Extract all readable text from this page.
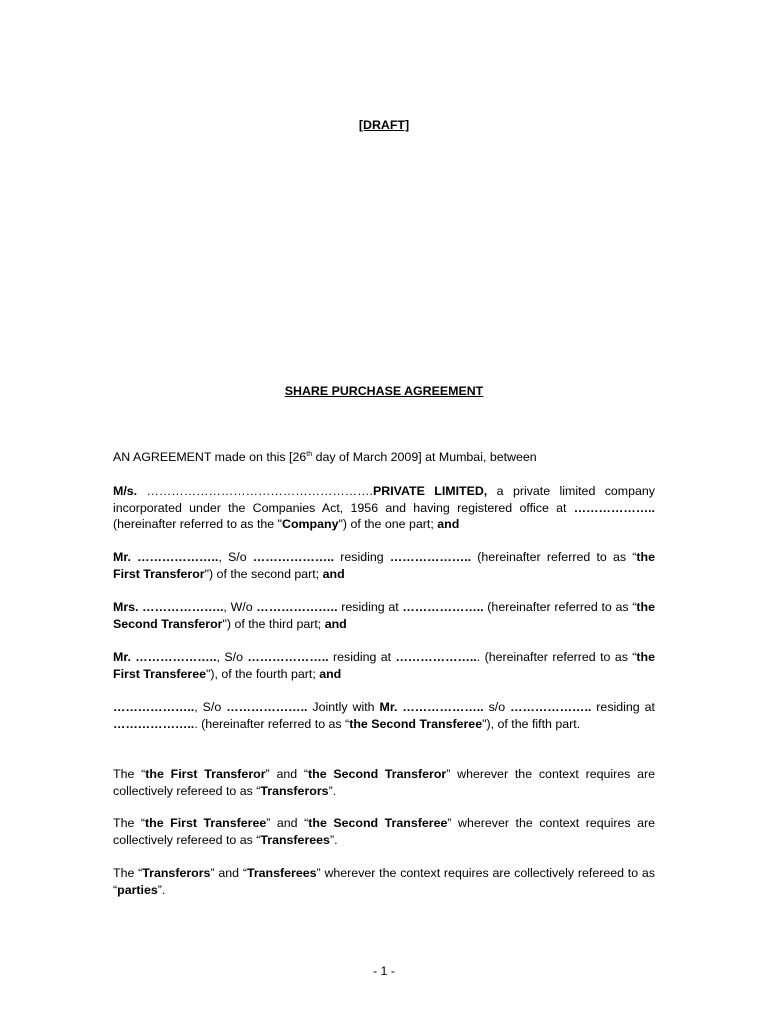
[DRAFT]
SHARE PURCHASE AGREEMENT

AN AGREEMENT made on this [26th day of March 2009] at Mumbai, between

M/s. ……………………………………………….PRIVATE LIMITED, a private limited company incorporated under the Companies Act, 1956 and having registered office at ……………….. (hereinafter referred to as the "Company") of the one part; and

Mr. ……………….., S/o ……………….. residing ……………….. (hereinafter referred to as “the First Transferor") of the second part; and

Mrs. ……………….., W/o ……………….. residing at ……………….. (hereinafter referred to as “the Second Transferor") of the third part; and

Mr. ……………….., S/o ……………….. residing at ………………... (hereinafter referred to as “the First Transferee"), of the fourth part; and

……………….., S/o ……………….. Jointly with Mr. ……………….. s/o ……………….. residing at ………………... (hereinafter referred to as “the Second Transferee"), of the fifth part.

The “the First Transferor” and “the Second Transferor” wherever the context requires are collectively refereed to as “Transferors”.

The “the First Transferee” and “the Second Transferee” wherever the context requires are collectively refereed to as “Transferees”.

The “Transferors” and “Transferees” wherever the context requires are collectively refereed to as “parties”.

- 1 -
